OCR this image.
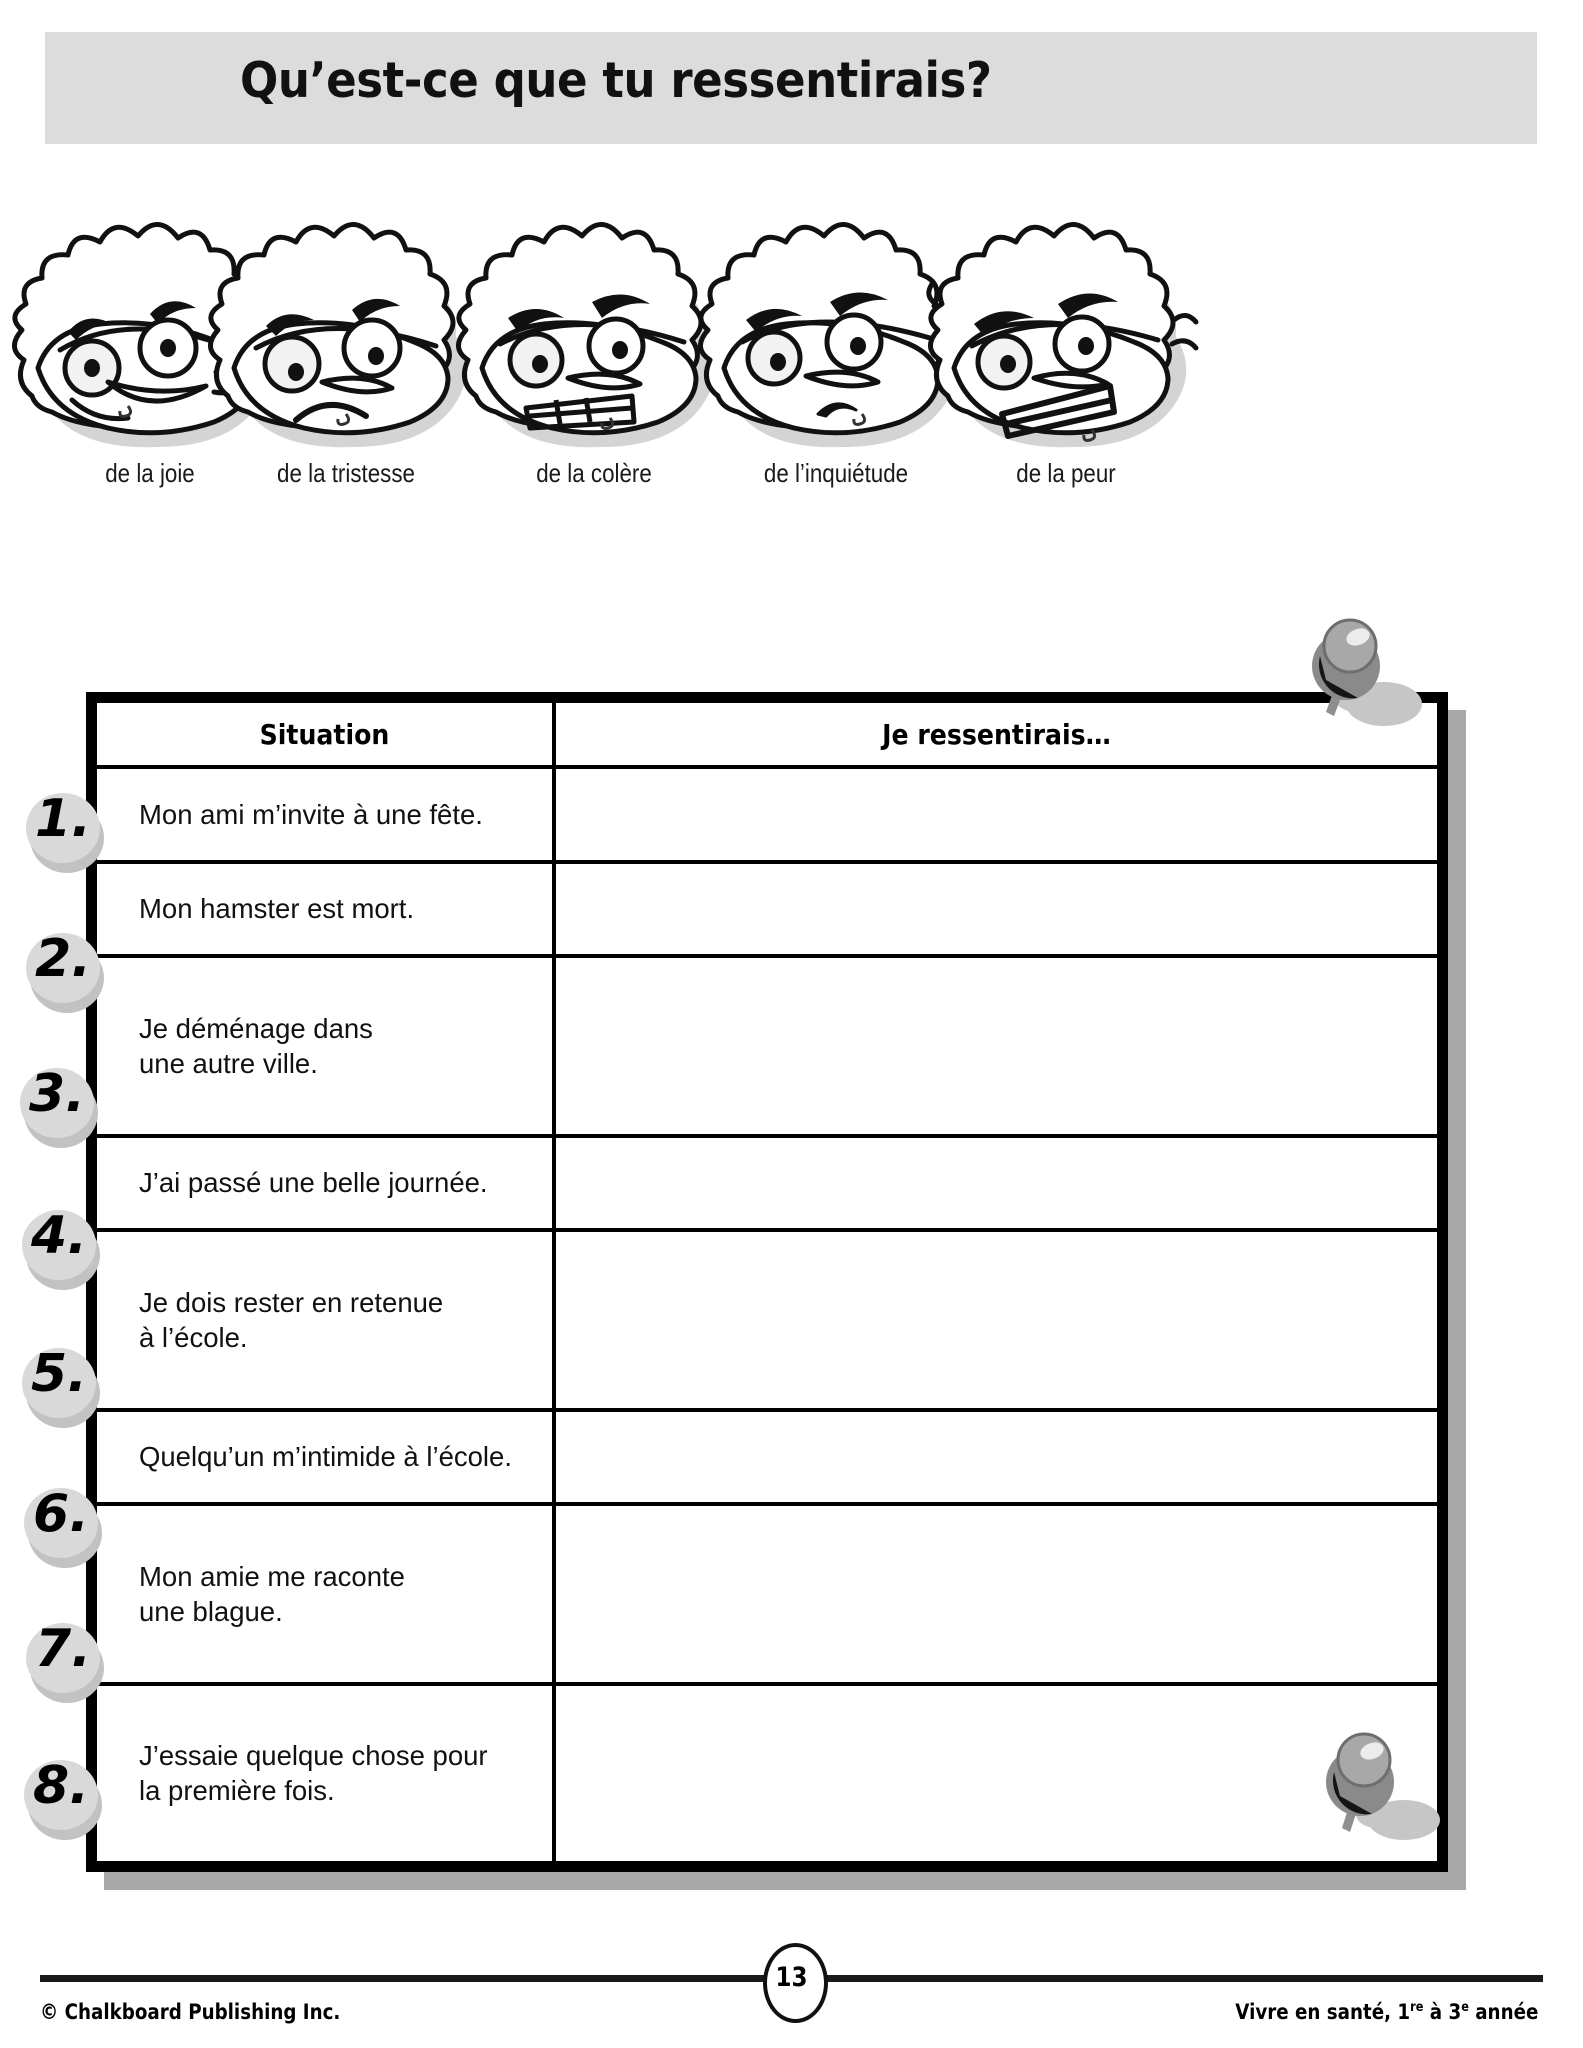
Qu’est-ce que tu ressentirais?
de la joie	de la tristesse	de la colère	de l’inquiétude	de la peur
Situation	Je ressentirais…

Mon ami m’invite à une fête.	

Mon hamster est mort.	

Je déménage dans
une autre ville.	

J’ai passé une belle journée.	

Je dois rester en retenue
à l’école.	

Quelqu’un m’intimide à l’école.	

Mon amie me raconte
une blague.	

J’essaie quelque chose pour
la première fois.	

1.
2.
3.
4.
5.
6.
7.
8.
13
© Chalkboard Publishing Inc.	Vivre en santé, 1re à 3e année
